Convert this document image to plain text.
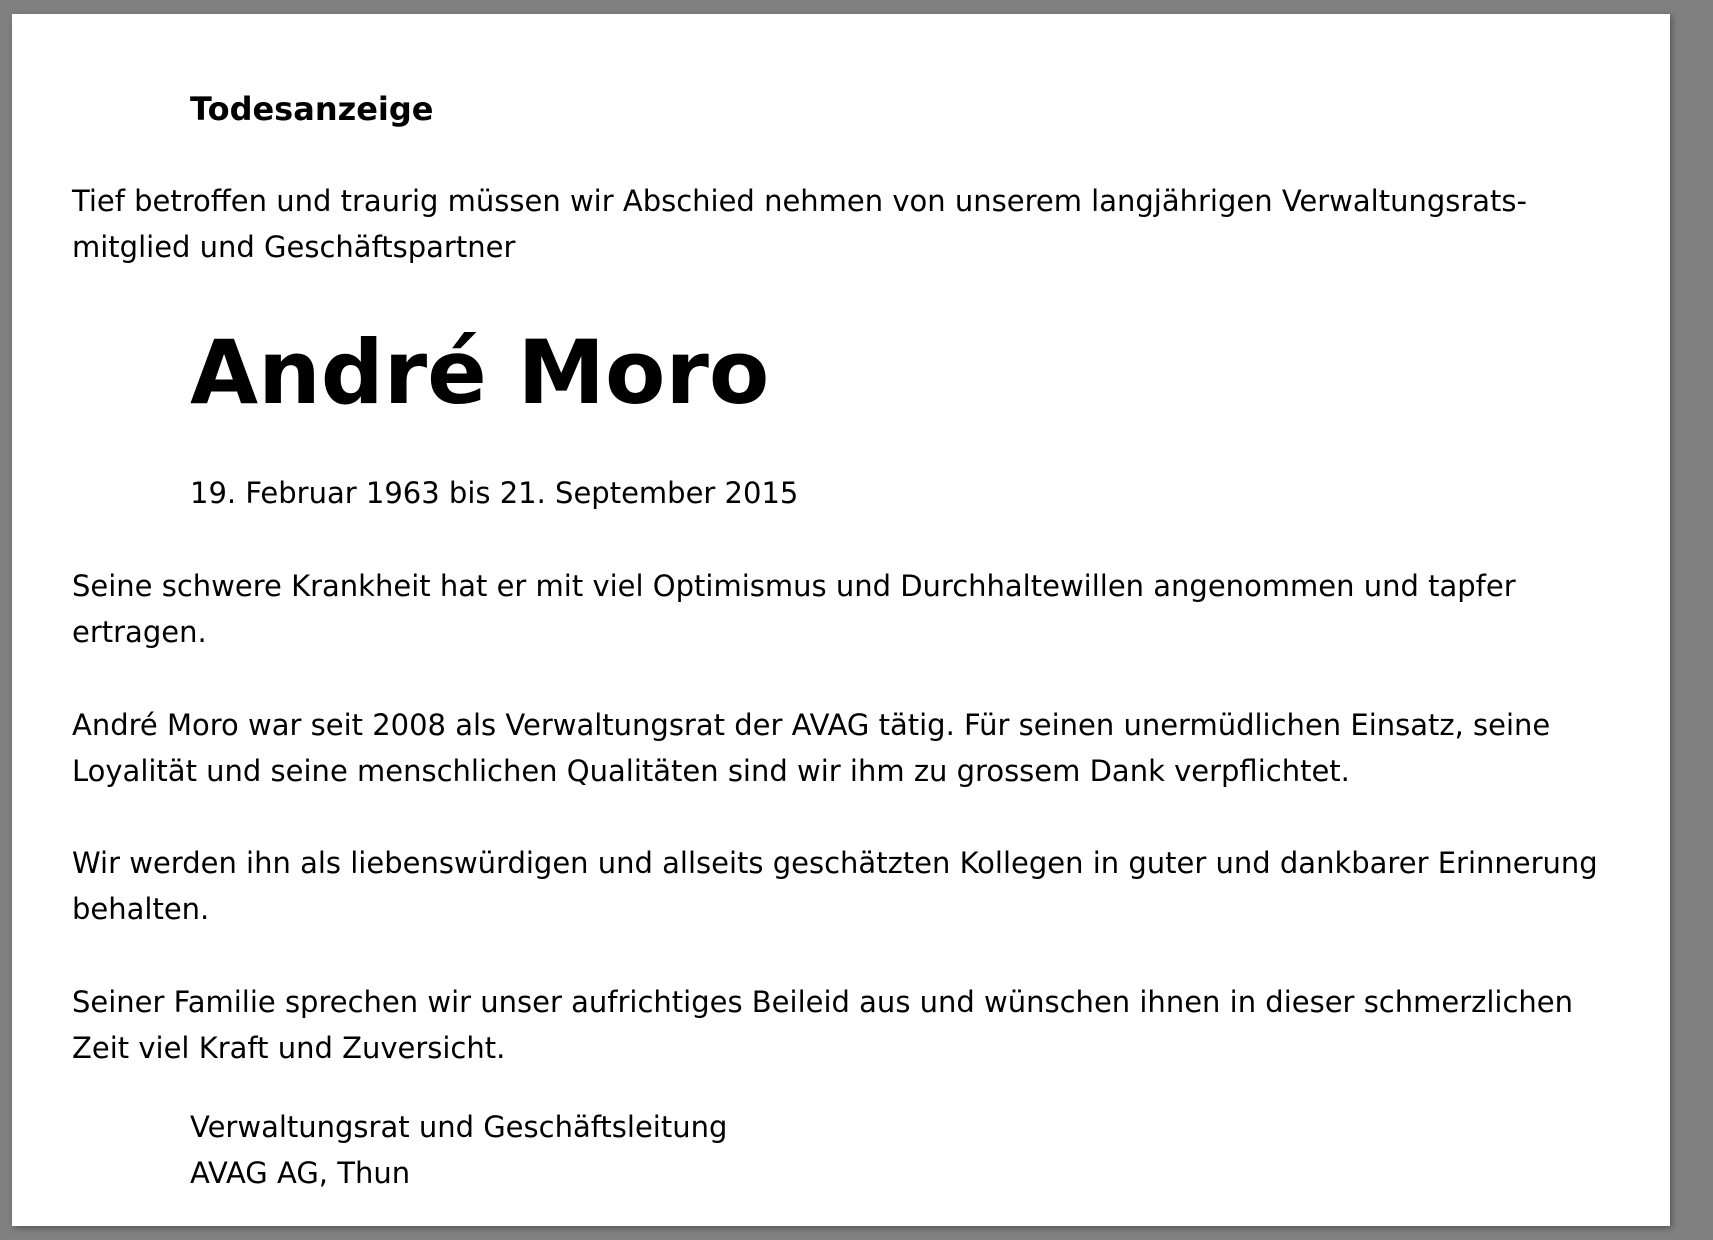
Todesanzeige
Tief betroffen und traurig müssen wir Abschied nehmen von unserem langjährigen Verwaltungsrats-
mitglied und Geschäftspartner
André Moro
19. Februar 1963 bis 21. September 2015
Seine schwere Krankheit hat er mit viel Optimismus und Durchhaltewillen angenommen und tapfer
ertragen.
André Moro war seit 2008 als Verwaltungsrat der AVAG tätig. Für seinen unermüdlichen Einsatz, seine
Loyalität und seine menschlichen Qualitäten sind wir ihm zu grossem Dank verpflichtet.
Wir werden ihn als liebenswürdigen und allseits geschätzten Kollegen in guter und dankbarer Erinnerung
behalten.
Seiner Familie sprechen wir unser aufrichtiges Beileid aus und wünschen ihnen in dieser schmerzlichen
Zeit viel Kraft und Zuversicht.
Verwaltungsrat und Geschäftsleitung
AVAG AG, Thun
